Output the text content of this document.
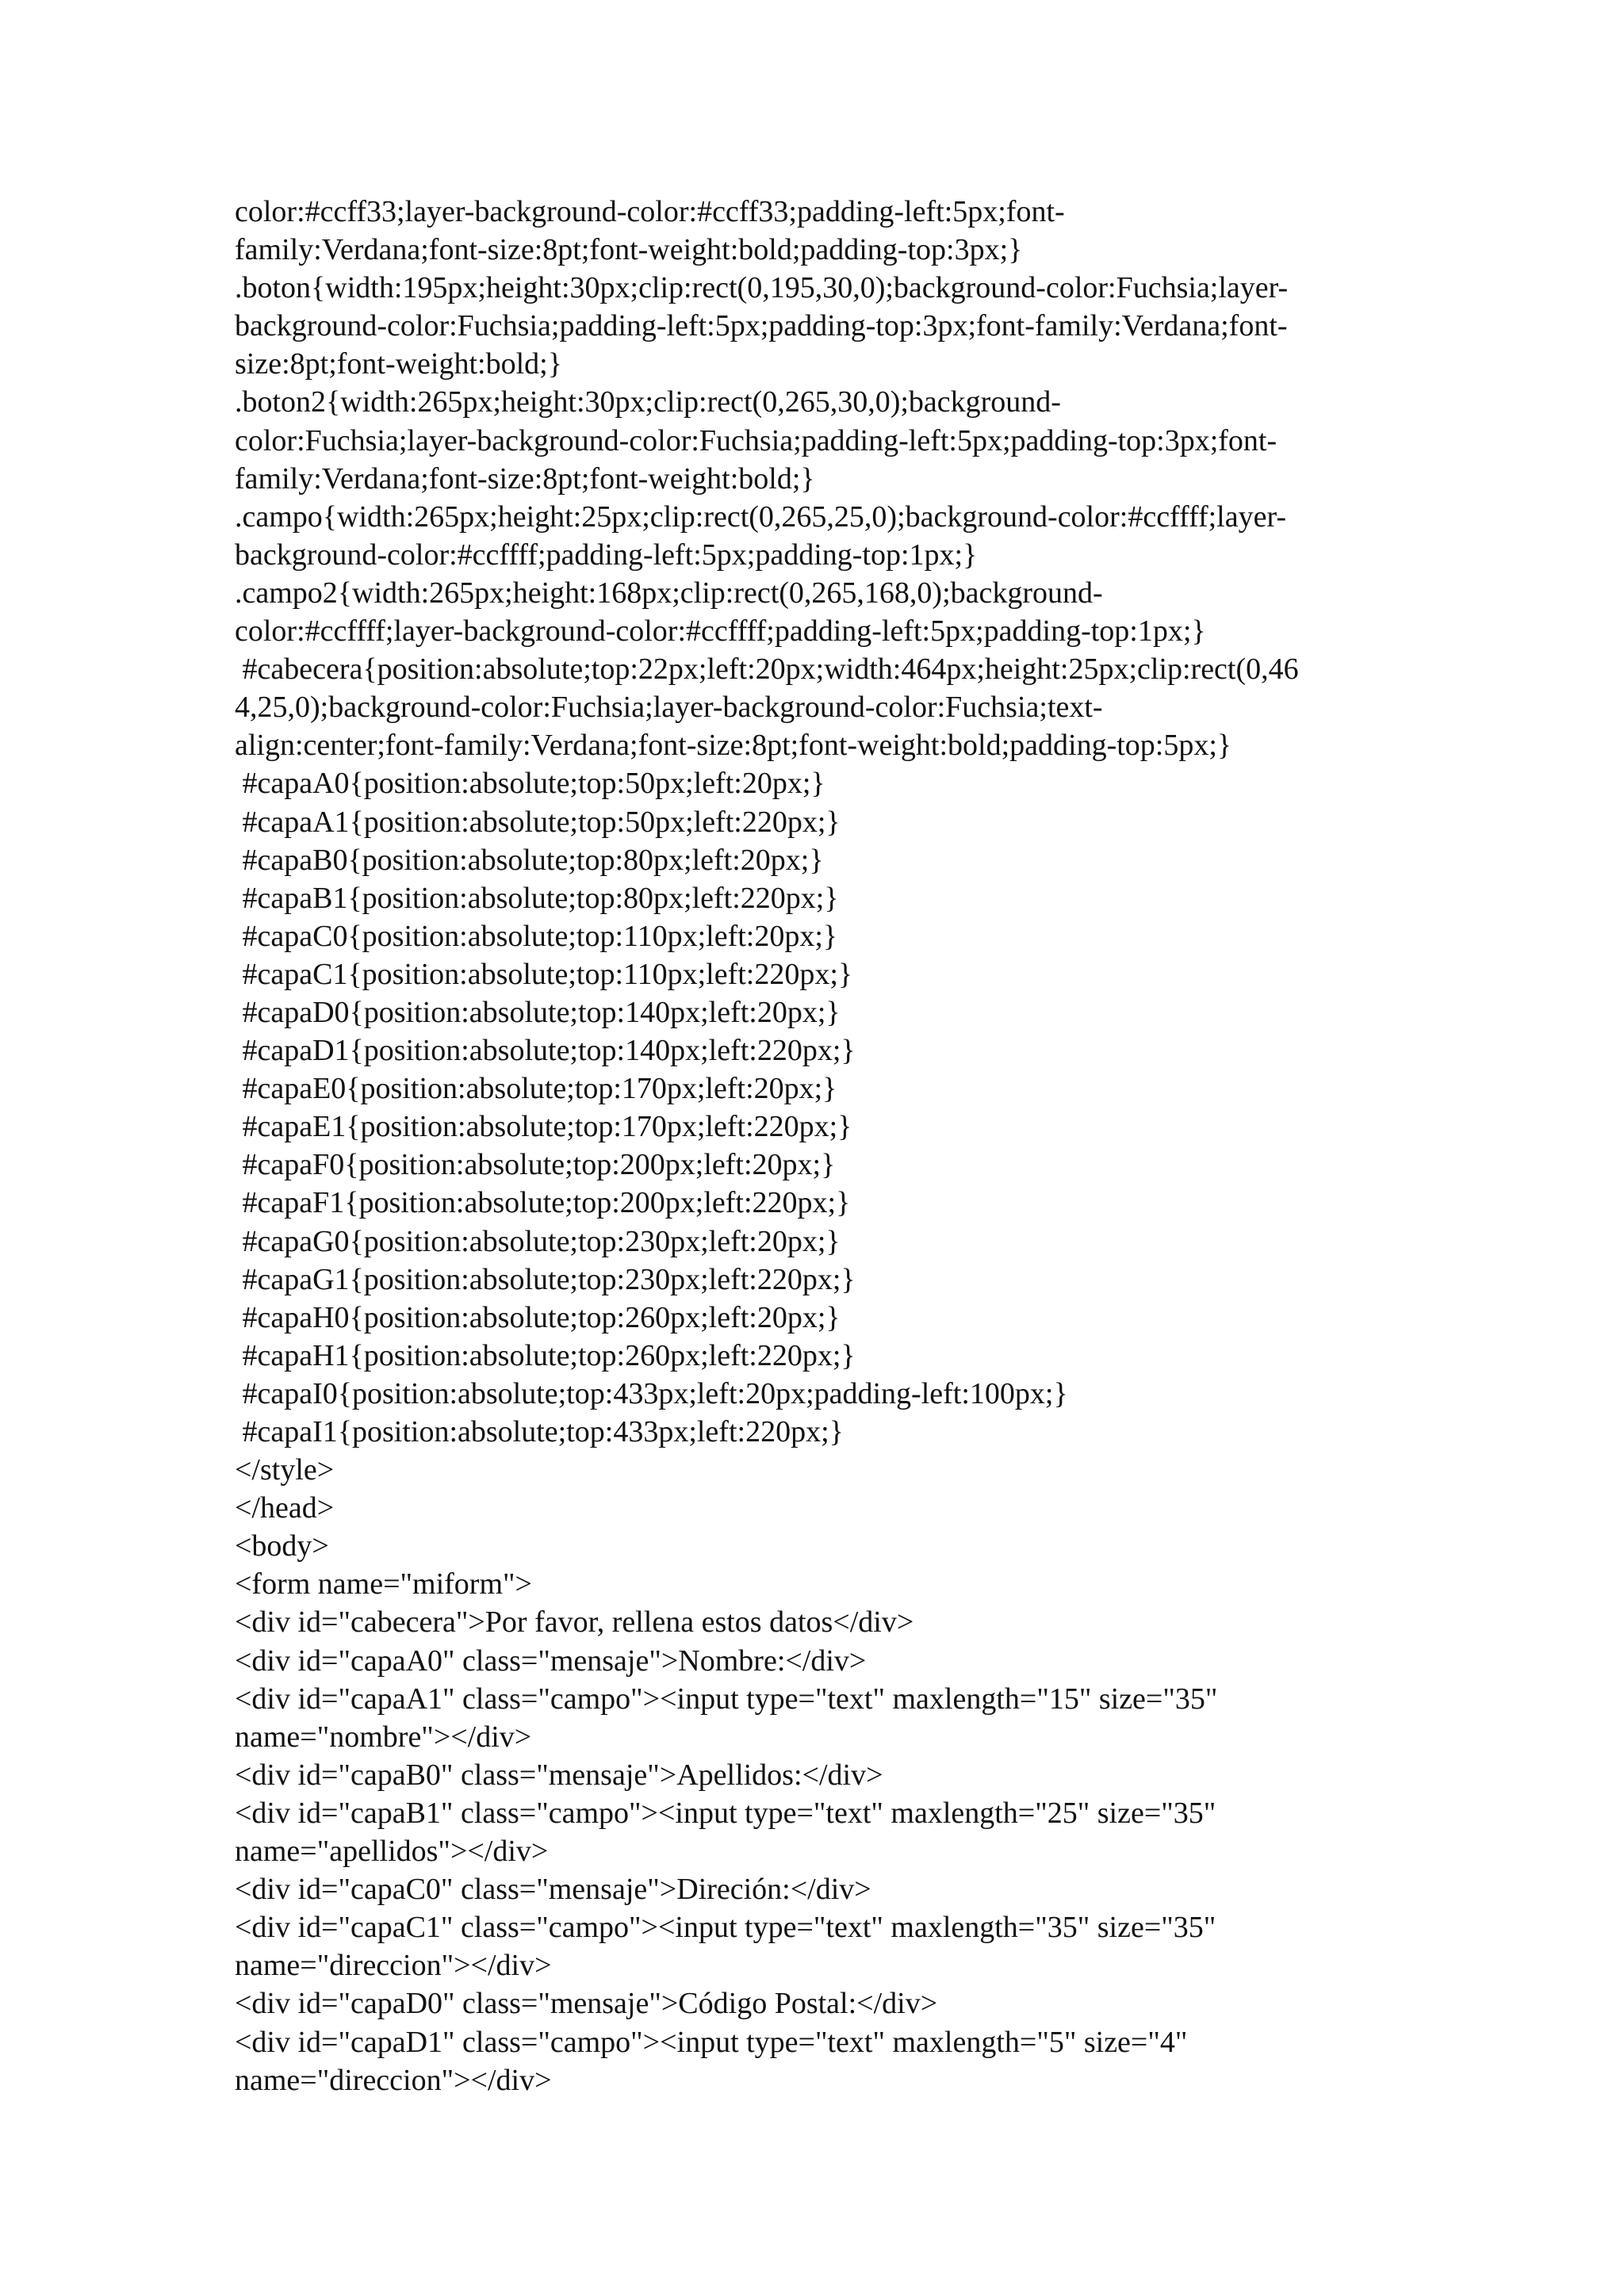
color:#ccff33;layer-background-color:#ccff33;padding-left:5px;font-
family:Verdana;font-size:8pt;font-weight:bold;padding-top:3px;}
.boton{width:195px;height:30px;clip:rect(0,195,30,0);background-color:Fuchsia;layer-
background-color:Fuchsia;padding-left:5px;padding-top:3px;font-family:Verdana;font-
size:8pt;font-weight:bold;}
.boton2{width:265px;height:30px;clip:rect(0,265,30,0);background-
color:Fuchsia;layer-background-color:Fuchsia;padding-left:5px;padding-top:3px;font-
family:Verdana;font-size:8pt;font-weight:bold;}
.campo{width:265px;height:25px;clip:rect(0,265,25,0);background-color:#ccffff;layer-
background-color:#ccffff;padding-left:5px;padding-top:1px;}
.campo2{width:265px;height:168px;clip:rect(0,265,168,0);background-
color:#ccffff;layer-background-color:#ccffff;padding-left:5px;padding-top:1px;}
#cabecera{position:absolute;top:22px;left:20px;width:464px;height:25px;clip:rect(0,46
4,25,0);background-color:Fuchsia;layer-background-color:Fuchsia;text-
align:center;font-family:Verdana;font-size:8pt;font-weight:bold;padding-top:5px;}
#capaA0{position:absolute;top:50px;left:20px;}
#capaA1{position:absolute;top:50px;left:220px;}
#capaB0{position:absolute;top:80px;left:20px;}
#capaB1{position:absolute;top:80px;left:220px;}
#capaC0{position:absolute;top:110px;left:20px;}
#capaC1{position:absolute;top:110px;left:220px;}
#capaD0{position:absolute;top:140px;left:20px;}
#capaD1{position:absolute;top:140px;left:220px;}
#capaE0{position:absolute;top:170px;left:20px;}
#capaE1{position:absolute;top:170px;left:220px;}
#capaF0{position:absolute;top:200px;left:20px;}
#capaF1{position:absolute;top:200px;left:220px;}
#capaG0{position:absolute;top:230px;left:20px;}
#capaG1{position:absolute;top:230px;left:220px;}
#capaH0{position:absolute;top:260px;left:20px;}
#capaH1{position:absolute;top:260px;left:220px;}
#capaI0{position:absolute;top:433px;left:20px;padding-left:100px;}
#capaI1{position:absolute;top:433px;left:220px;}
</style>
</head>
<body>
<form name="miform">
<div id="cabecera">Por favor, rellena estos datos</div>
<div id="capaA0" class="mensaje">Nombre:</div>
<div id="capaA1" class="campo"><input type="text" maxlength="15" size="35"
name="nombre"></div>
<div id="capaB0" class="mensaje">Apellidos:</div>
<div id="capaB1" class="campo"><input type="text" maxlength="25" size="35"
name="apellidos"></div>
<div id="capaC0" class="mensaje">Direción:</div>
<div id="capaC1" class="campo"><input type="text" maxlength="35" size="35"
name="direccion"></div>
<div id="capaD0" class="mensaje">Código Postal:</div>
<div id="capaD1" class="campo"><input type="text" maxlength="5" size="4"
name="direccion"></div>
